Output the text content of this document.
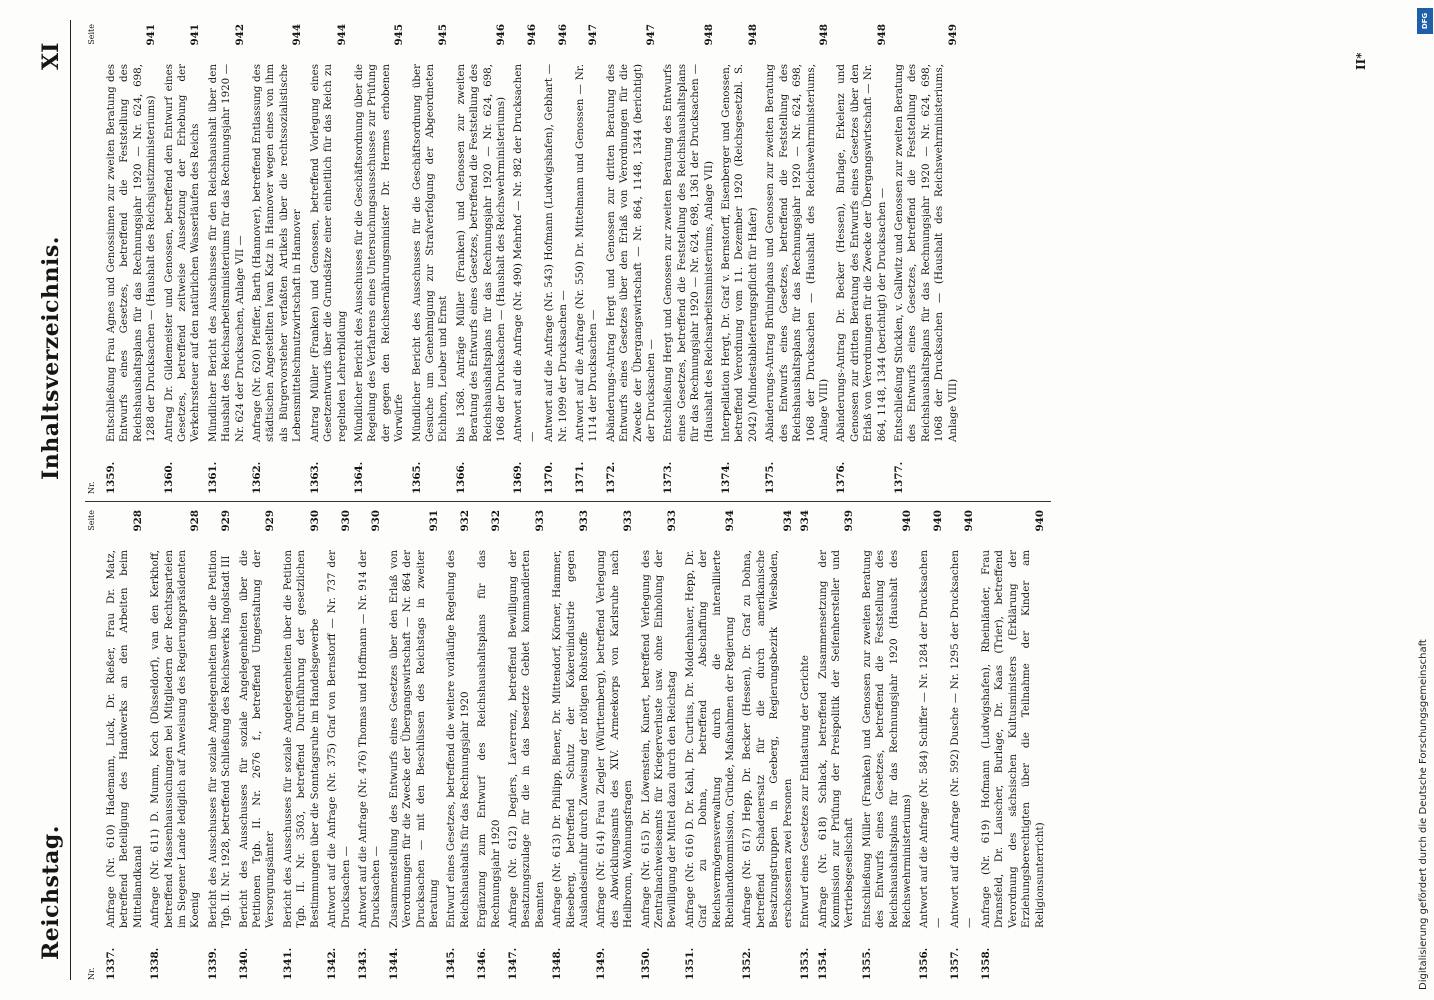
Reichstag.
Inhaltsverzeichnis.
XI
Nr.
Seite
1337.
Anfrage (Nr. 610) Hademann, Luck, Dr. Rießer, Frau Dr. Matz, betreffend Beteiligung des Handwerks an den Arbeiten beim Mittellandkanal
928
1338.
Anfrage (Nr. 611) D. Mumm, Koch (Düsseldorf), van den Kerkhoff, betreffend Massenhaussuchungen bei Mitgliedern der Rechtsparteien im Siegener Lande lediglich auf Anweisung des Regierungspräsidenten Koenig
928
1339.
Bericht des Ausschusses für soziale Angelegenheiten über die Petition Tgb. II. Nr. 1928, betreffend Schließung des Reichswerks Ingolstadt III
929
1340.
Bericht des Ausschusses für soziale Angelegenheiten über die Petitionen Tgb. II. Nr. 2676 f., betreffend Umgestaltung der Versorgungsämter
929
1341.
Bericht des Ausschusses für soziale Angelegenheiten über die Petition Tgb. II. Nr. 3503, betreffend Durchführung der gesetzlichen Bestimmungen über die Sonntagsruhe im Handelsgewerbe
930
1342.
Antwort auf die Anfrage (Nr. 375) Graf von Bernstorff — Nr. 737 der Drucksachen —
930
1343.
Antwort auf die Anfrage (Nr. 476) Thomas und Hoffmann — Nr. 914 der Drucksachen —
930
1344.
Zusammenstellung des Entwurfs eines Gesetzes über den Erlaß von Verordnungen für die Zwecke der Übergangswirtschaft — Nr. 864 der Drucksachen — mit den Beschlüssen des Reichstags in zweiter Beratung
931
1345.
Entwurf eines Gesetzes, betreffend die weitere vorläufige Regelung des Reichshaushalts für das Rechnungsjahr 1920
932
1346.
Ergänzung zum Entwurf des Reichshaushaltsplans für das Rechnungsjahr 1920
932
1347.
Anfrage (Nr. 612) Degiers, Laverrenz, betreffend Bewilligung der Besatzungszulage für die in das besetzte Gebiet kommandierten Beamten
933
1348.
Anfrage (Nr. 613) Dr. Philipp, Biener, Dr. Mittendorf, Körner, Hammer, Rieseberg, betreffend Schutz der Kokereiindustrie gegen Auslandseinfuhr durch Zuweisung der nötigen Rohstoffe
933
1349.
Anfrage (Nr. 614) Frau Ziegler (Württemberg), betreffend Verlegung des Abwicklungsamts des XIV. Armeekorps von Karlsruhe nach Heilbronn, Wohnungsfragen
933
1350.
Anfrage (Nr. 615) Dr. Löwenstein, Kunert, betreffend Verlegung des Zentralnachweiseamts für Kriegerverluste usw. ohne Einholung der Bewilligung der Mittel dazu durch den Reichstag
933
1351.
Anfrage (Nr. 616) D. Dr. Kahl, Dr. Curtius, Dr. Moldenhauer, Hepp, Dr. Graf zu Dohna, betreffend Abschaffung der Reichsvermögensverwaltung durch die interalliierte Rheinlandkommission, Gründe, Maßnahmen der Regierung
934
1352.
Anfrage (Nr. 617) Hepp, Dr. Becker (Hessen), Dr. Graf zu Dohna, betreffend Schadenersatz für die durch amerikanische Besatzungstruppen in Geeberg, Regierungsbezirk Wiesbaden, erschossenen zwei Personen
934
1353.
Entwurf eines Gesetzes zur Entlastung der Gerichte
934
1354.
Anfrage (Nr. 618) Schlack, betreffend Zusammensetzung der Kommission zur Prüfung der Preispolitik der Seifenhersteller und Vertriebsgesellschaft
939
1355.
Entschließung Müller (Franken) und Genossen zur zweiten Beratung des Entwurfs eines Gesetzes, betreffend die Feststellung des Reichshaushaltsplans für das Rechnungsjahr 1920 (Haushalt des Reichswehrministeriums)
940
1356.
Antwort auf die Anfrage (Nr. 584) Schiffer — Nr. 1284 der Drucksachen —
940
1357.
Antwort auf die Anfrage (Nr. 592) Dusche — Nr. 1295 der Drucksachen —
940
1358.
Anfrage (Nr. 619) Hofmann (Ludwigshafen), Rheinländer, Frau Dransfeld, Dr. Lauscher, Burlage, Dr. Kaas (Trier), betreffend Verordnung des sächsischen Kultusministers (Erklärung der Erziehungsberechtigten über die Teilnahme der Kinder am Religionsunterricht)
940
Nr.
Seite
1359.
Entschließung Frau Agnes und Genossinnen zur zweiten Beratung des Entwurfs eines Gesetzes, betreffend die Feststellung des Reichshaushaltsplans für das Rechnungsjahr 1920 — Nr. 624, 698, 1288 der Drucksachen — (Haushalt des Reichsjustizministeriums)
941
1360.
Antrag Dr. Gildemeister und Genossen, betreffend den Entwurf eines Gesetzes, betreffend zeitweise Aussetzung der Erhebung der Verkehrssteuer auf den natürlichen Wasserläufen des Reichs
941
1361.
Mündlicher Bericht des Ausschusses für den Reichshaushalt über den Haushalt des Reichsarbeitsministeriums für das Rechnungsjahr 1920 — Nr. 624 der Drucksachen, Anlage VII —
942
1362.
Anfrage (Nr. 620) Pfeiffer, Barth (Hannover), betreffend Entlassung des städtischen Angestellten Iwan Katz in Hannover wegen eines von ihm als Bürgervorsteher verfaßten Artikels über die rechtssozialistische Lebensmittelschmutzwirtschaft in Hannover
944
1363.
Antrag Müller (Franken) und Genossen, betreffend Vorlegung eines Gesetzentwurfs über die Grundsätze einer einheitlich für das Reich zu regelnden Lehrerbildung
944
1364.
Mündlicher Bericht des Ausschusses für die Geschäftsordnung über die Regelung des Verfahrens eines Untersuchungsausschusses zur Prüfung der gegen den Reichsernährungsminister Dr. Hermes erhobenen Vorwürfe
945
1365.
Mündlicher Bericht des Ausschusses für die Geschäftsordnung über Gesuche um Genehmigung zur Strafverfolgung der Abgeordneten Eichhorn, Leuber und Ernst
945
1366.
bis 1368. Anträge Müller (Franken) und Genossen zur zweiten Beratung des Entwurfs eines Gesetzes, betreffend die Feststellung des Reichshaushaltsplans für das Rechnungsjahr 1920 — Nr. 624, 698, 1068 der Drucksachen — (Haushalt des Reichswehrministeriums)
946
1369.
Antwort auf die Anfrage (Nr. 490) Mehrhof — Nr. 982 der Drucksachen —
946
1370.
Antwort auf die Anfrage (Nr. 543) Hofmann (Ludwigshafen), Gebhart — Nr. 1099 der Drucksachen —
946
1371.
Antwort auf die Anfrage (Nr. 550) Dr. Mittelmann und Genossen — Nr. 1114 der Drucksachen —
947
1372.
Abänderungs-Antrag Hergt und Genossen zur dritten Beratung des Entwurfs eines Gesetzes über den Erlaß von Verordnungen für die Zwecke der Übergangswirtschaft — Nr. 864, 1148, 1344 (berichtigt) der Drucksachen —
947
1373.
Entschließung Hergt und Genossen zur zweiten Beratung des Entwurfs eines Gesetzes, betreffend die Feststellung des Reichshaushaltsplans für das Rechnungsjahr 1920 — Nr. 624, 698, 1361 der Drucksachen — (Haushalt des Reichsarbeitsministeriums, Anlage VII)
948
1374.
Interpellation Hergt, Dr. Graf v. Bernstorff, Eisenberger und Genossen, betreffend Verordnung vom 11. Dezember 1920 (Reichsgesetzbl. S. 2042) (Mindestablieferungspflicht für Hafer)
948
1375.
Abänderungs-Antrag Brüninghaus und Genossen zur zweiten Beratung des Entwurfs eines Gesetzes, betreffend die Feststellung des Reichshaushaltsplans für das Rechnungsjahr 1920 — Nr. 624, 698, 1068 der Drucksachen — (Haushalt des Reichswehrministeriums, Anlage VIII)
948
1376.
Abänderungs-Antrag Dr. Becker (Hessen), Burlage, Erkelenz und Genossen zur dritten Beratung des Entwurfs eines Gesetzes über den Erlaß von Verordnungen für die Zwecke der Übergangswirtschaft — Nr. 864, 1148, 1344 (berichtigt) der Drucksachen —
948
1377.
Entschließung Stücklen, v. Gallwitz und Genossen zur zweiten Beratung des Entwurfs eines Gesetzes, betreffend die Feststellung des Reichshaushaltsplans für das Rechnungsjahr 1920 — Nr. 624, 698, 1068 der Drucksachen — (Haushalt des Reichswehrministeriums, Anlage VIII)
949
II*
Digitalisierung gefördert durch die Deutsche Forschungsgemeinschaft
DFG
